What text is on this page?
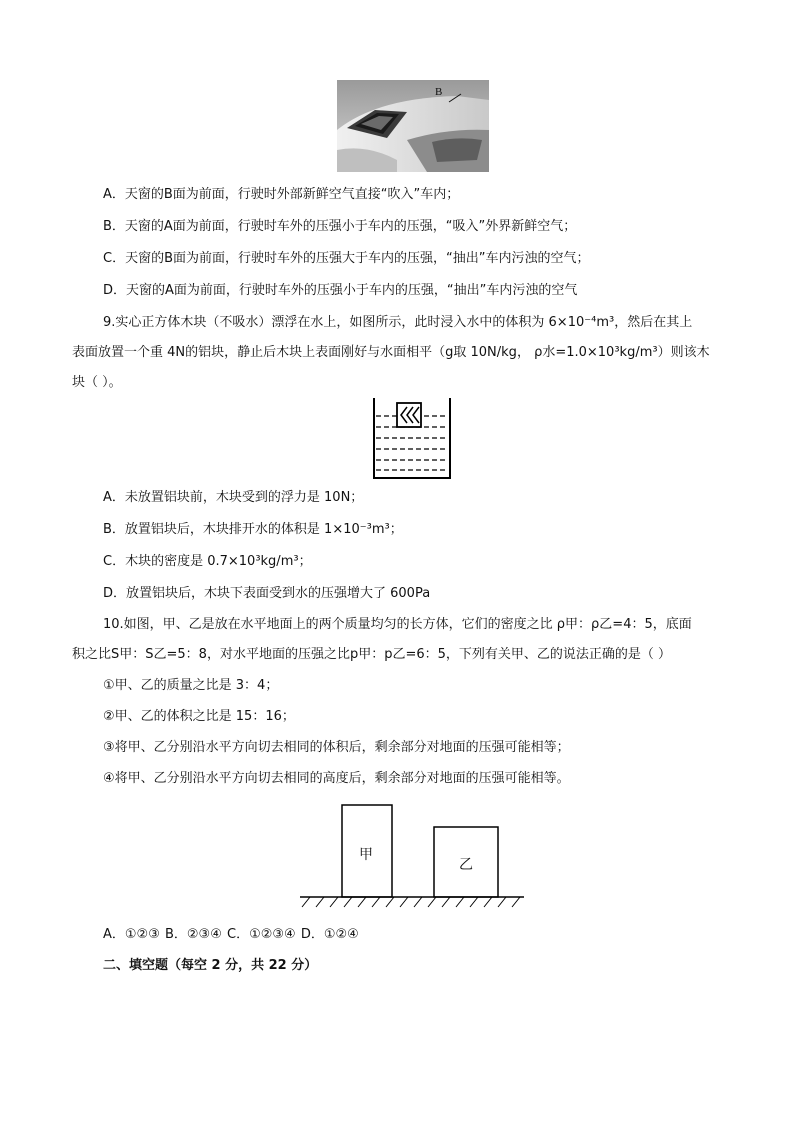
B
A．天窗的B面为前面，行驶时外部新鲜空气直接“吹入”车内；
B．天窗的A面为前面，行驶时车外的压强小于车内的压强，“吸入”外界新鲜空气；
C．天窗的B面为前面，行驶时车外的压强大于车内的压强，“抽出”车内污浊的空气；
D．天窗的A面为前面，行驶时车外的压强小于车内的压强，“抽出”车内污浊的空气
9.实心正方体木块（不吸水）漂浮在水上，如图所示，此时浸入水中的体积为 6×10⁻⁴m³，然后在其上
表面放置一个重 4N的铝块，静止后木块上表面刚好与水面相平（g取 10N/kg， ρ水=1.0×10³kg/m³）则该木
块（ ）。
A．未放置铝块前，木块受到的浮力是 10N；
B．放置铝块后，木块排开水的体积是 1×10⁻³m³；
C．木块的密度是 0.7×10³kg/m³；
D．放置铝块后，木块下表面受到水的压强增大了 600Pa
10.如图，甲、乙是放在水平地面上的两个质量均匀的长方体，它们的密度之比 ρ甲：ρ乙=4：5，底面
积之比S甲：S乙=5：8，对水平地面的压强之比p甲：p乙=6：5，下列有关甲、乙的说法正确的是（ ）
①甲、乙的质量之比是 3：4；
②甲、乙的体积之比是 15：16；
③将甲、乙分别沿水平方向切去相同的体积后，剩余部分对地面的压强可能相等；
④将甲、乙分别沿水平方向切去相同的高度后，剩余部分对地面的压强可能相等。
甲
乙
A．①②③ B．②③④ C．①②③④ D．①②④
二、填空题（每空 2 分，共 22 分）
